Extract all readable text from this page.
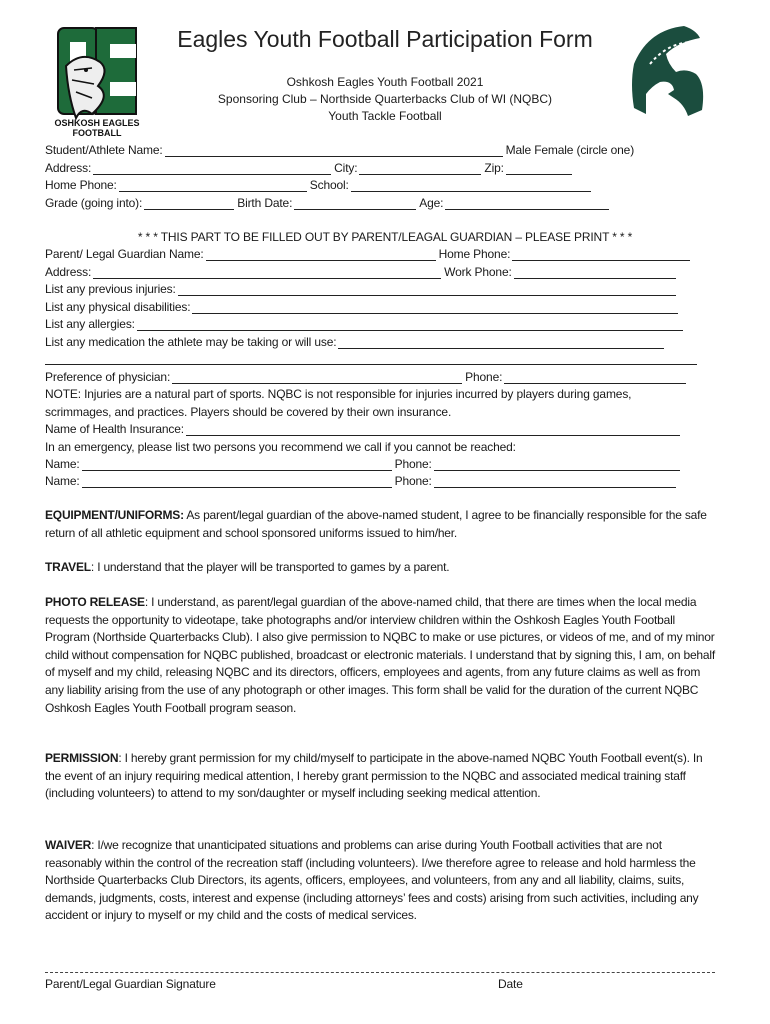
OSHKOSH EAGLES
FOOTBALL
Eagles Youth Football Participation Form
Oshkosh Eagles Youth Football 2021
Sponsoring Club – Northside Quarterbacks Club of WI (NQBC)
Youth Tackle Football
Student/Athlete Name:	Male Female (circle one)
Address:	City:	Zip:
Home Phone:	School:
Grade (going into):	Birth Date:	Age:
* * * THIS PART TO BE FILLED OUT BY PARENT/LEAGAL GUARDIAN – PLEASE PRINT * * *
Parent/ Legal Guardian Name:	Home Phone:
Address:	Work Phone:
List any previous injuries:
List any physical disabilities:
List any allergies:
List any medication the athlete may be taking or will use:
Preference of physician:	Phone:
NOTE: Injuries are a natural part of sports. NQBC is not responsible for injuries incurred by players during games,
scrimmages, and practices. Players should be covered by their own insurance.
Name of Health Insurance:
In an emergency, please list two persons you recommend we call if you cannot be reached:
Name:	Phone:
Name:	Phone:
EQUIPMENT/UNIFORMS: As parent/legal guardian of the above-named student, I agree to be financially responsible for the safe return of all athletic equipment and school sponsored uniforms issued to him/her.
TRAVEL: I understand that the player will be transported to games by a parent.
PHOTO RELEASE: I understand, as parent/legal guardian of the above-named child, that there are times when the local media requests the opportunity to videotape, take photographs and/or interview children within the Oshkosh Eagles Youth Football Program (Northside Quarterbacks Club). I also give permission to NQBC to make or use pictures, or videos of me, and of my minor child without compensation for NQBC published, broadcast or electronic materials. I understand that by signing this, I am, on behalf of myself and my child, releasing NQBC and its directors, officers, employees and agents, from any future claims as well as from any liability arising from the use of any photograph or other images. This form shall be valid for the duration of the current NQBC Oshkosh Eagles Youth Football program season.
PERMISSION: I hereby grant permission for my child/myself to participate in the above-named NQBC Youth Football event(s). In the event of an injury requiring medical attention, I hereby grant permission to the NQBC and associated medical training staff (including volunteers) to attend to my son/daughter or myself including seeking medical attention.
WAIVER: I/we recognize that unanticipated situations and problems can arise during Youth Football activities that are not reasonably within the control of the recreation staff (including volunteers). I/we therefore agree to release and hold harmless the Northside Quarterbacks Club Directors, its agents, officers, employees, and volunteers, from any and all liability, claims, suits, demands, judgments, costs, interest and expense (including attorneys’ fees and costs) arising from such activities, including any accident or injury to myself or my child and the costs of medical services.
Parent/Legal Guardian Signature	Date
